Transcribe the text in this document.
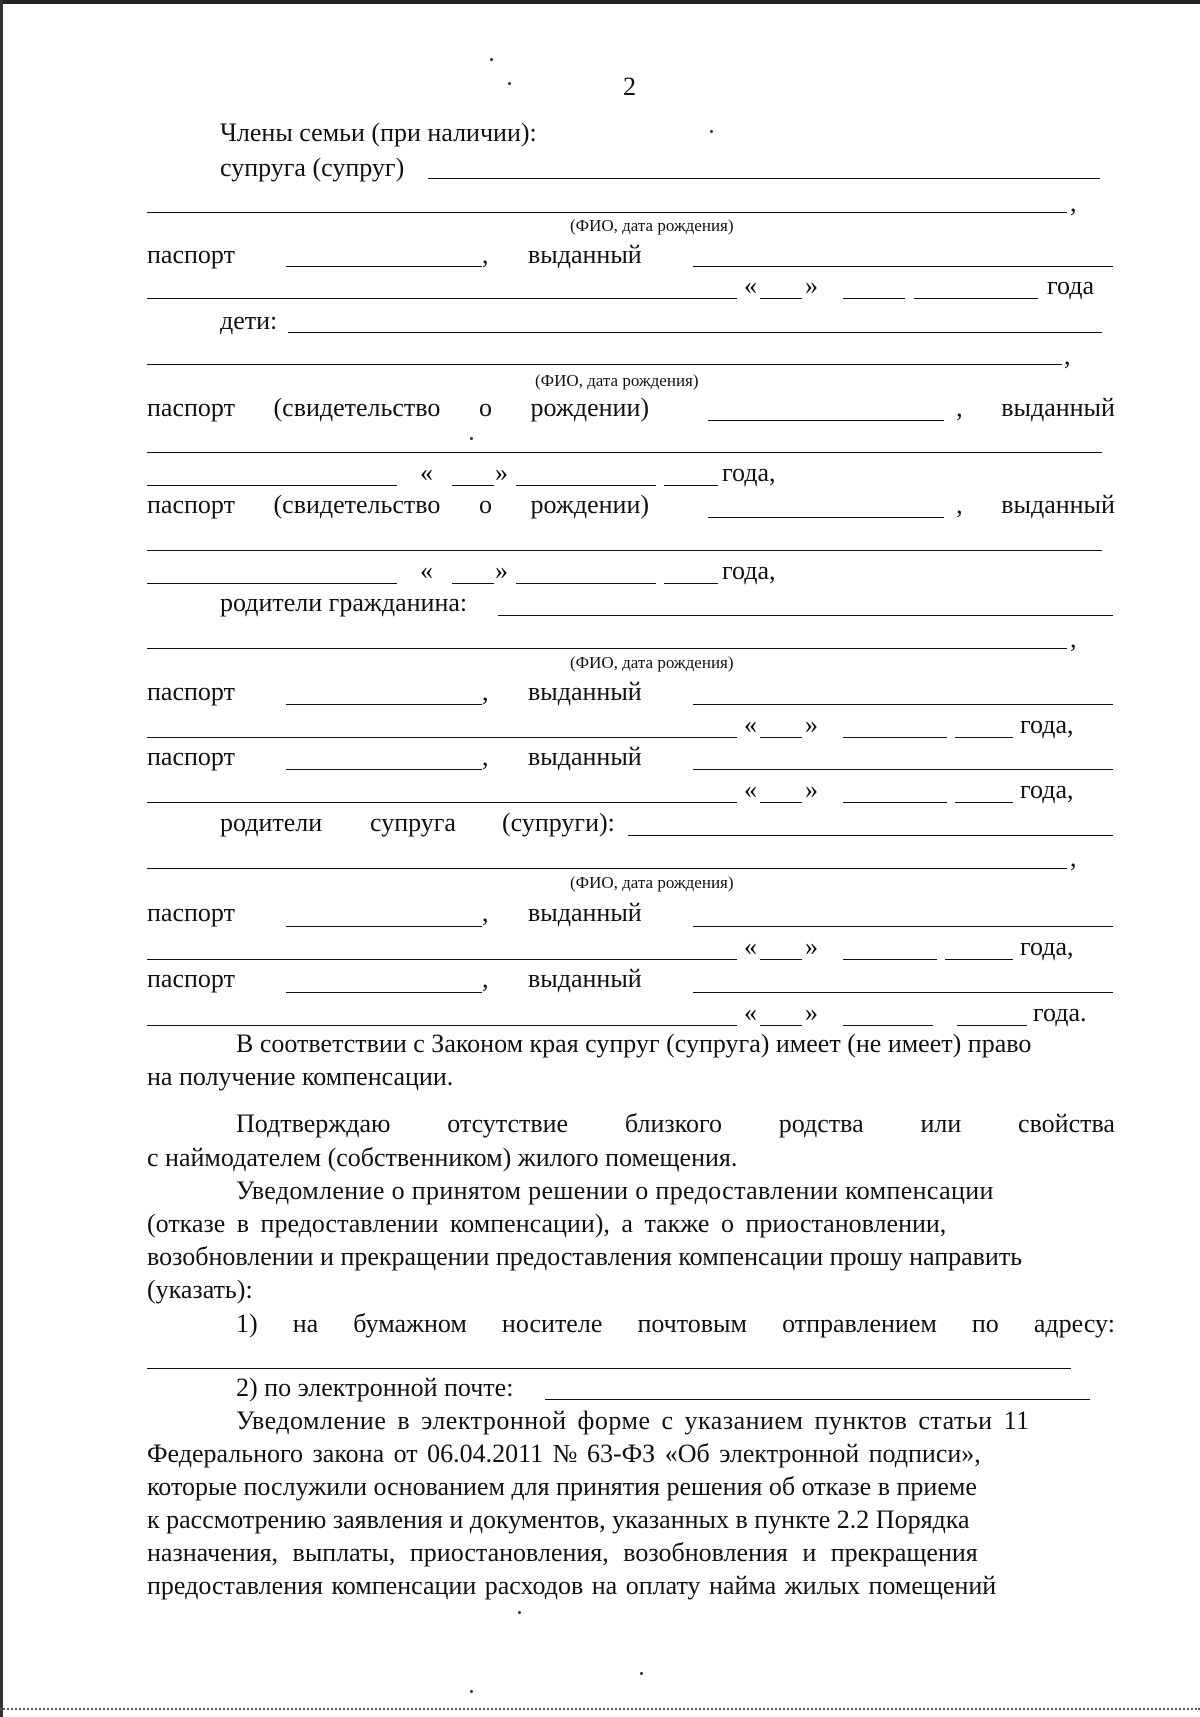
2
Члены семьи (при наличии):
супруга (супруг)
,
(ФИО, дата рождения)
паспорт	, выданный
« »	года
дети:
,
(ФИО, дата рождения)
паспорт (свидетельство о рождении)	, выданный
« »	года,
паспорт (свидетельство о рождении)	, выданный
« »	года,
родители гражданина:
,
(ФИО, дата рождения)
паспорт	, выданный
« »	года,
паспорт	, выданный
« »	года,
родители супруга (супруги):
,
(ФИО, дата рождения)
паспорт	, выданный
« »	года,
паспорт	, выданный
« »	года.
В соответствии с Законом края супруг (супруга) имеет (не имеет) право
на получение компенсации.
Подтверждаю отсутствие близкого родства или свойства
с наймодателем (собственником) жилого помещения.
Уведомление о принятом решении о предоставлении компенсации
(отказе в предоставлении компенсации), а также о приостановлении,
возобновлении и прекращении предоставления компенсации прошу направить
(указать):
1) на бумажном носителе почтовым отправлением по адресу:
2) по электронной почте:
Уведомление в электронной форме с указанием пунктов статьи 11
Федерального закона от 06.04.2011 № 63-ФЗ «Об электронной подписи»,
которые послужили основанием для принятия решения об отказе в приеме
к рассмотрению заявления и документов, указанных в пункте 2.2 Порядка
назначения, выплаты, приостановления, возобновления и прекращения
предоставления компенсации расходов на оплату найма жилых помещений
